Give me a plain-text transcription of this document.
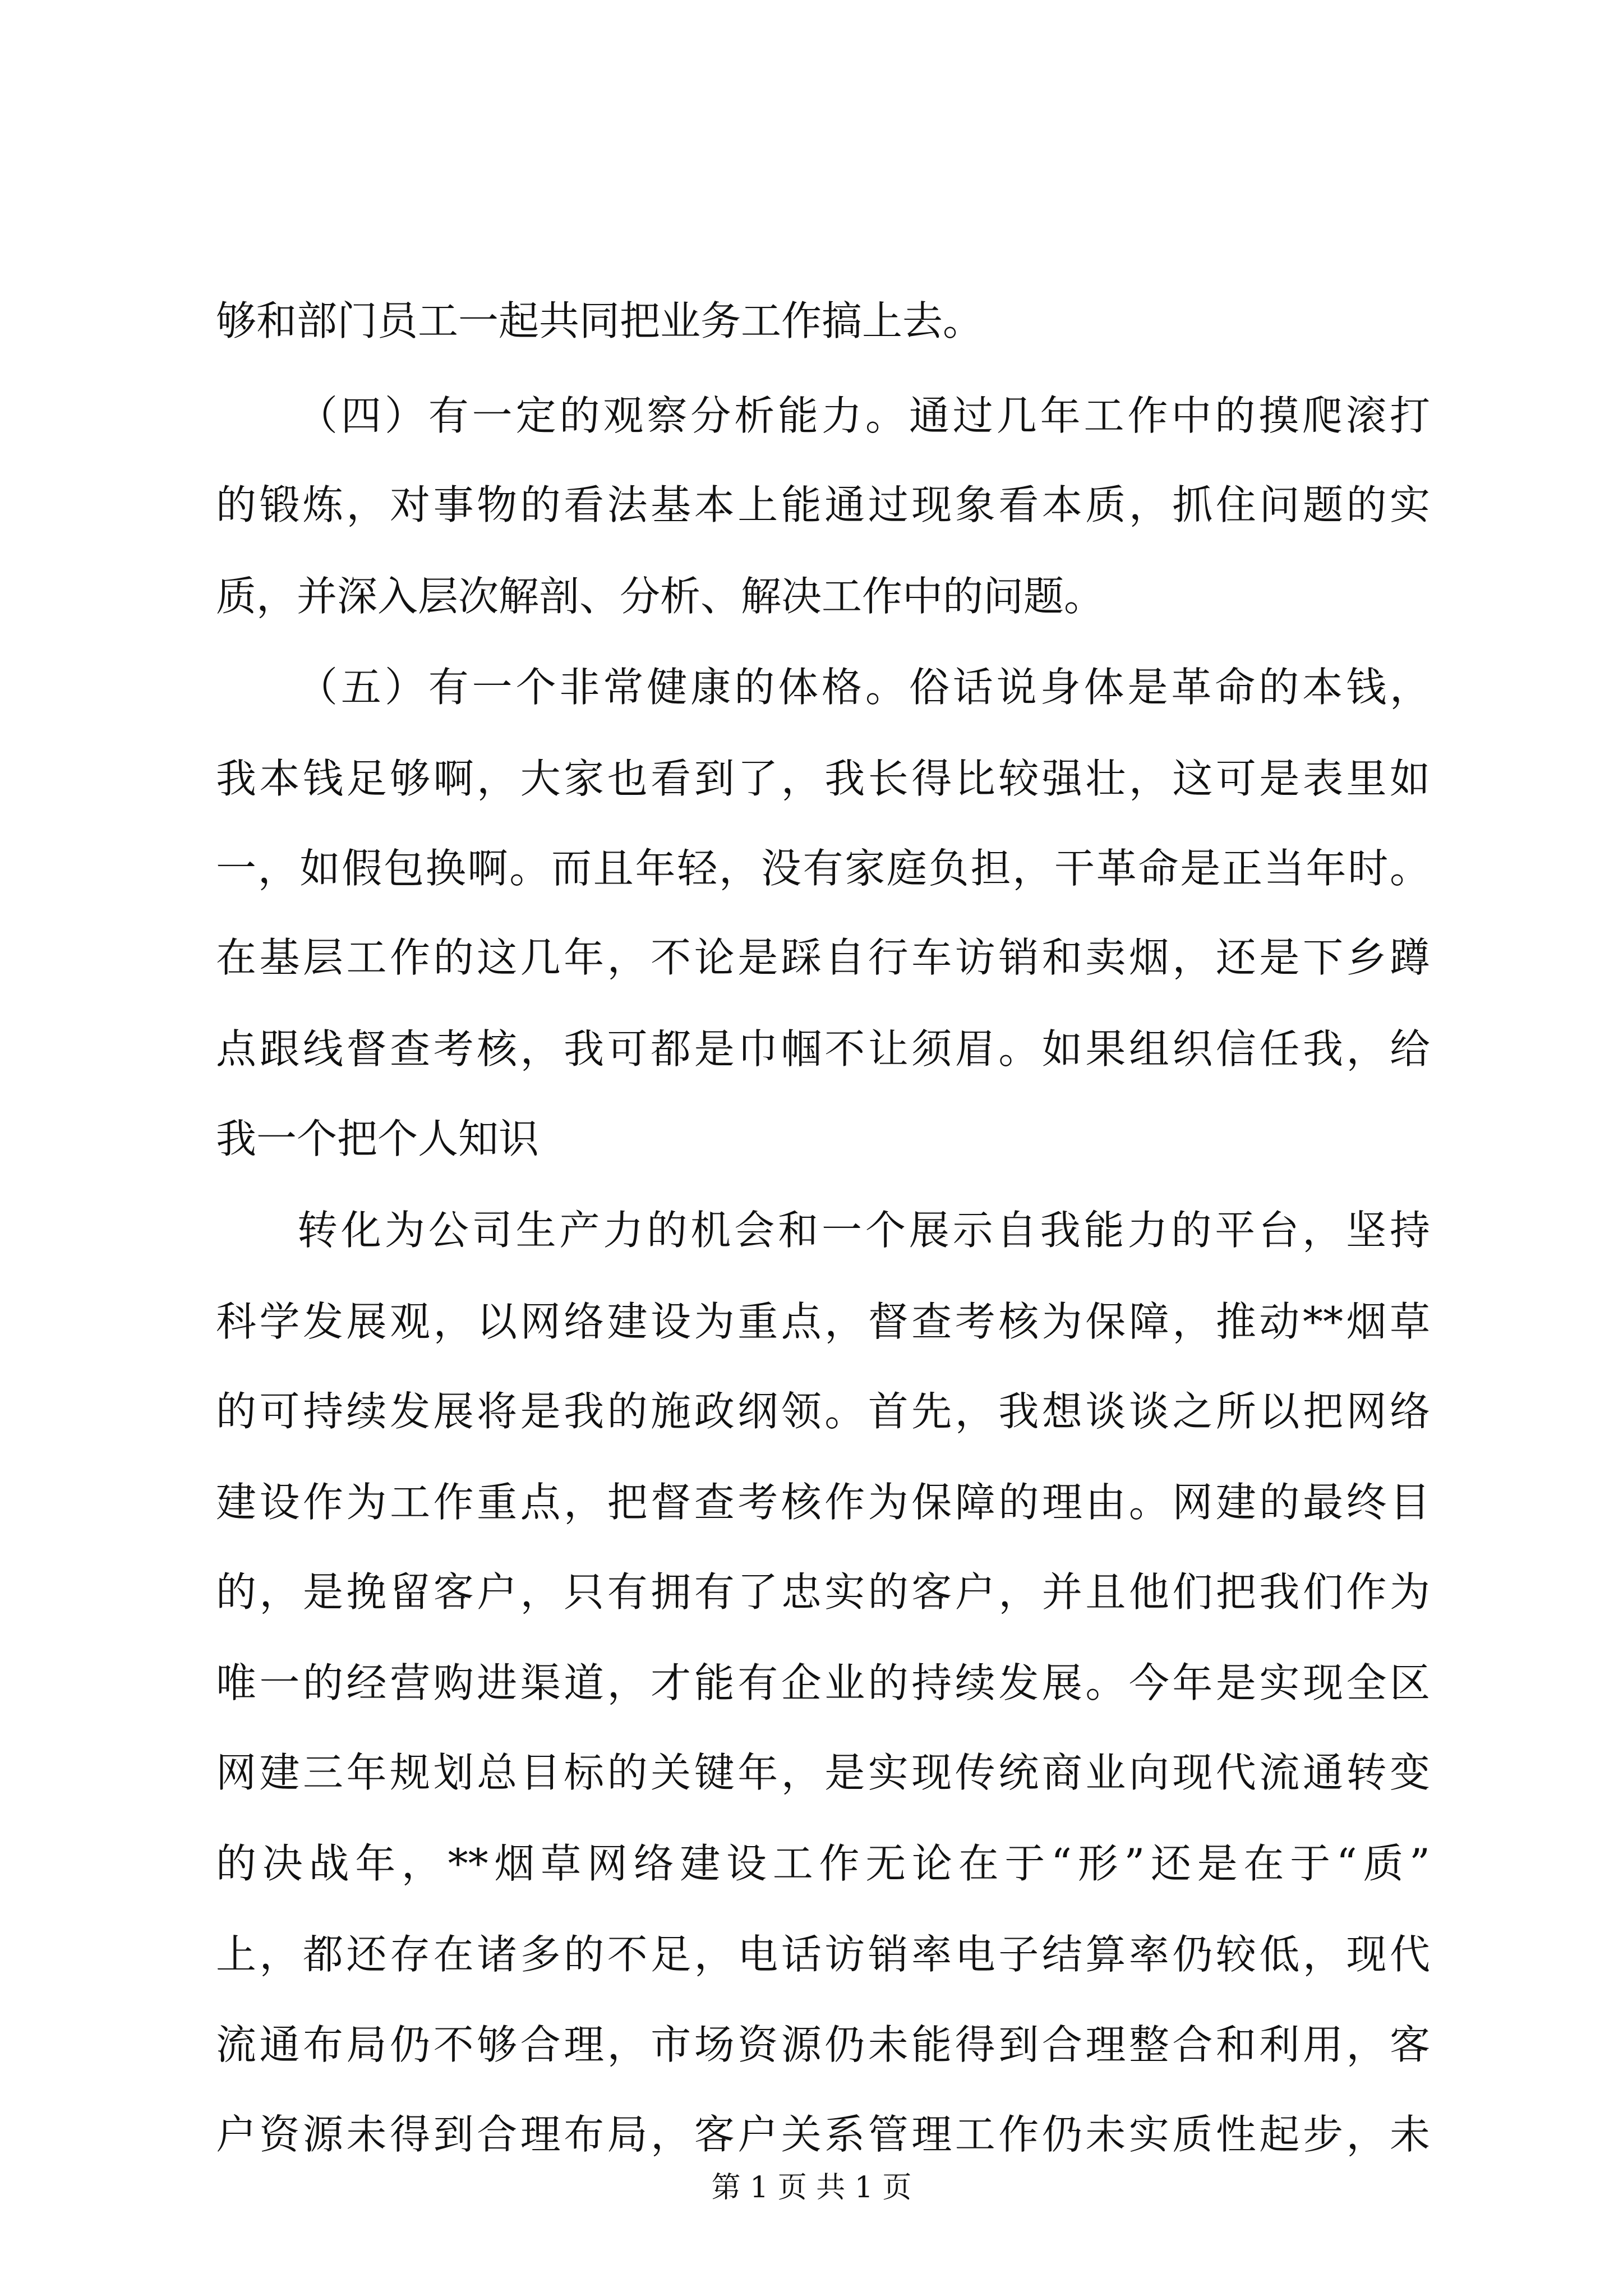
够和部门员工一起共同把业务工作搞上去。
（四）有一定的观察分析能力。通过几年工作中的摸爬滚打
的锻炼，对事物的看法基本上能通过现象看本质，抓住问题的实
质，并深入层次解剖、分析、解决工作中的问题。
（五）有一个非常健康的体格。俗话说身体是革命的本钱，
我本钱足够啊，大家也看到了，我长得比较强壮，这可是表里如
一，如假包换啊。而且年轻，没有家庭负担，干革命是正当年时。
在基层工作的这几年，不论是踩自行车访销和卖烟，还是下乡蹲
点跟线督查考核，我可都是巾帼不让须眉。如果组织信任我，给
我一个把个人知识
转化为公司生产力的机会和一个展示自我能力的平台，坚持
科学发展观，以网络建设为重点，督查考核为保障，推动**烟草
的可持续发展将是我的施政纲领。首先，我想谈谈之所以把网络
建设作为工作重点，把督查考核作为保障的理由。网建的最终目
的，是挽留客户，只有拥有了忠实的客户，并且他们把我们作为
唯一的经营购进渠道，才能有企业的持续发展。今年是实现全区
网建三年规划总目标的关键年，是实现传统商业向现代流通转变
的决战年，**烟草网络建设工作无论在于“形”还是在于“质”
上，都还存在诸多的不足，电话访销率电子结算率仍较低，现代
流通布局仍不够合理，市场资源仍未能得到合理整合和利用，客
户资源未得到合理布局，客户关系管理工作仍未实质性起步，未
第 1 页 共 1 页
